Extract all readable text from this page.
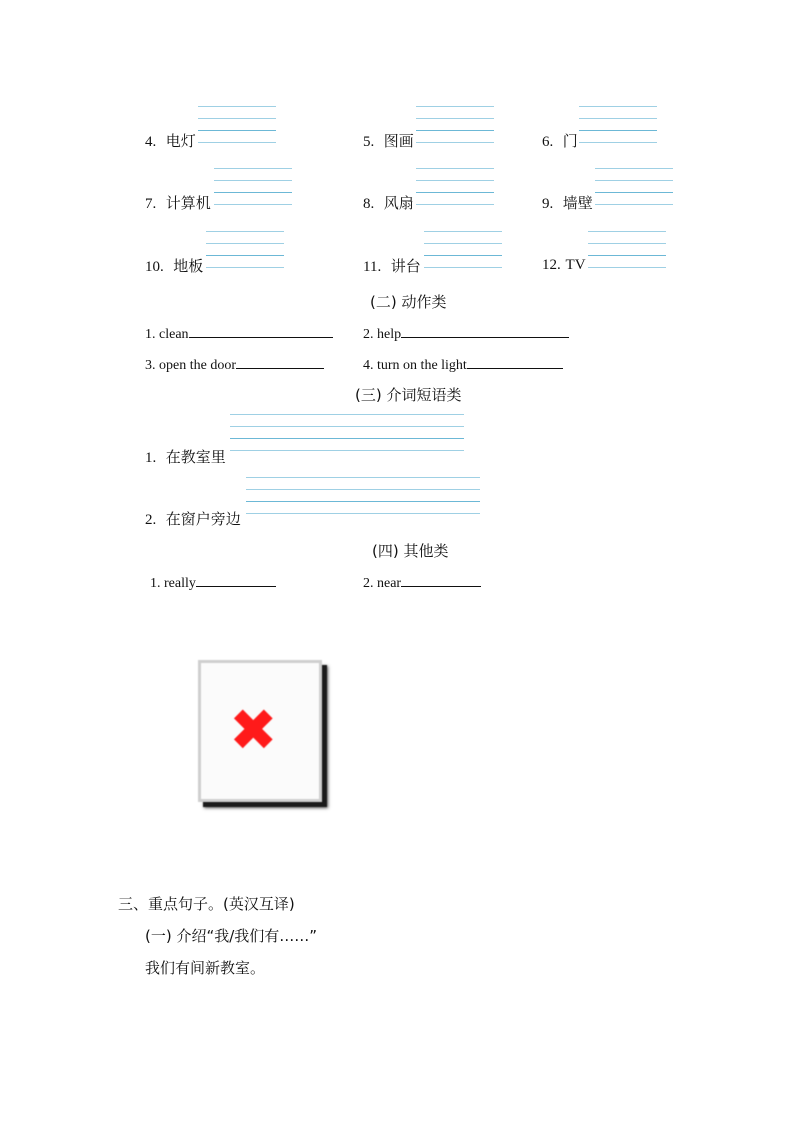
4. 电灯	5. 图画	6. 门
7. 计算机	8. 风扇	9. 墙壁
10. 地板	11. 讲台	12. TV
(二) 动作类
1. clean	2. help
3. open the door	4. turn on the light
(三) 介词短语类
1. 在教室里
2. 在窗户旁边
(四) 其他类
1. really	2. near
✖
三、重点句子。(英汉互译)
(一) 介绍“我/我们有……”
我们有间新教室。
